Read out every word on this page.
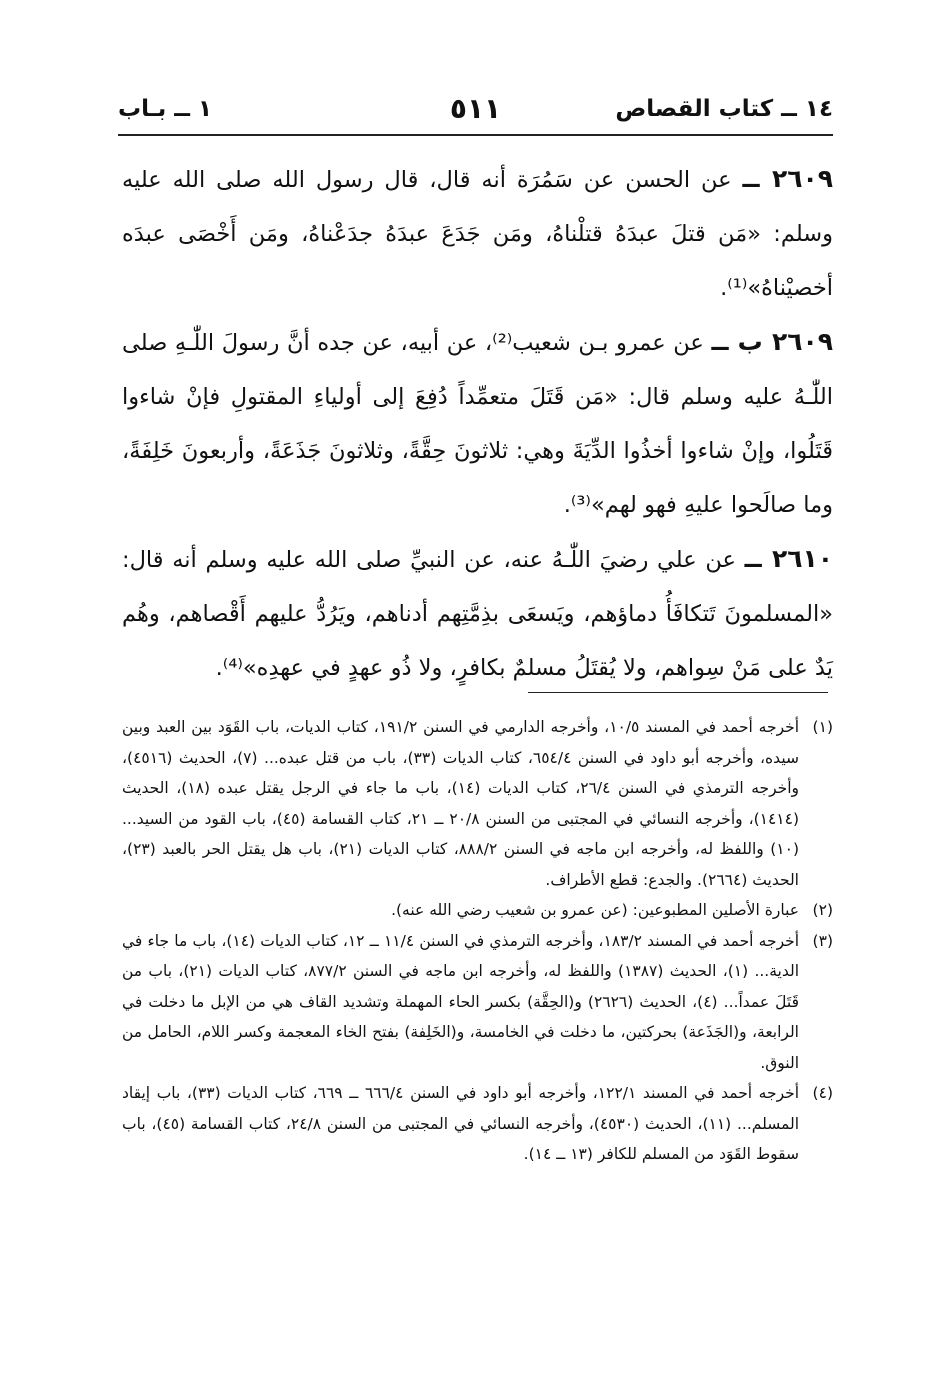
١٤ ــ كتاب القصاص
٥١١
١ ــ بـاب

٢٦٠٩ ــ عن الحسن عن سَمُرَة أنه قال، قال رسول الله صلى الله عليه وسلم: «مَن قتلَ عبدَهُ قتلْناهُ، ومَن جَدَعَ عبدَهُ جدَعْناهُ، ومَن أَخْصَى عبدَه أخصيْناهُ»⁽¹⁾.

٢٦٠٩ ب ــ عن عمرو بـن شعيب⁽²⁾، عن أبيه، عن جده أنَّ رسولَ اللّٰـهِ صلى اللّٰـهُ عليه وسلم قال: «مَن قَتَلَ متعمِّداً دُفِعَ إلى أولياءِ المقتولِ فإنْ شاءوا قَتَلُوا، وإنْ شاءوا أخذُوا الدِّيَةَ وهي: ثلاثونَ حِقَّةً، وثلاثونَ جَذَعَةً، وأربعونَ خَلِفَةً، وما صالَحوا عليهِ فهو لهم»⁽³⁾.

٢٦١٠ ــ عن علي رضيَ اللّٰـهُ عنه، عن النبيِّ صلى الله عليه وسلم أنه قال: «المسلمونَ تَتكافَأُ دماؤهم، ويَسعَى بذِمَّتِهم أدناهم، ويَرُدُّ عليهم أَقْصاهم، وهُم يَدٌ على مَنْ سِواهم، ولا يُقتَلُ مسلمٌ بكافرٍ، ولا ذُو عهدٍ في عهدِه»⁽⁴⁾.

(١)
أخرجه أحمد في المسند ١٠/٥، وأخرجه الدارمي في السنن ١٩١/٢، كتاب الديات، باب القَوَد بين العبد وبين سيده، وأخرجه أبو داود في السنن ٦٥٤/٤، كتاب الديات (٣٣)، باب من قتل عبده... (٧)، الحديث (٤٥١٦)، وأخرجه الترمذي في السنن ٢٦/٤، كتاب الديات (١٤)، باب ما جاء في الرجل يقتل عبده (١٨)، الحديث (١٤١٤)، وأخرجه النسائي في المجتبى من السنن ٢٠/٨ ــ ٢١، كتاب القسامة (٤٥)، باب القود من السيد... (١٠) واللفظ له، وأخرجه ابن ماجه في السنن ٨٨٨/٢، كتاب الديات (٢١)، باب هل يقتل الحر بالعبد (٢٣)، الحديث (٢٦٦٤). والجدع: قطع الأطراف.
(٢)
عبارة الأصلين المطبوعين: (عن عمرو بن شعيب رضي الله عنه).
(٣)
أخرجه أحمد في المسند ١٨٣/٢، وأخرجه الترمذي في السنن ١١/٤ ــ ١٢، كتاب الديات (١٤)، باب ما جاء في الدية... (١)، الحديث (١٣٨٧) واللفظ له، وأخرجه ابن ماجه في السنن ٨٧٧/٢، كتاب الديات (٢١)، باب من قَتَلَ عمداً... (٤)، الحديث (٢٦٢٦) و(الحِقَّة) بكسر الحاء المهملة وتشديد القاف هي من الإبل ما دخلت في الرابعة، و(الجَذَعة) بحركتين، ما دخلت في الخامسة، و(الخَلِفة) بفتح الخاء المعجمة وكسر اللام، الحامل من النوق.
(٤)
أخرجه أحمد في المسند ١٢٢/١، وأخرجه أبو داود في السنن ٦٦٦/٤ ــ ٦٦٩، كتاب الديات (٣٣)، باب إيقاد المسلم... (١١)، الحديث (٤٥٣٠)، وأخرجه النسائي في المجتبى من السنن ٢٤/٨، كتاب القسامة (٤٥)، باب سقوط القَوَد من المسلم للكافر (١٣ ــ ١٤).
